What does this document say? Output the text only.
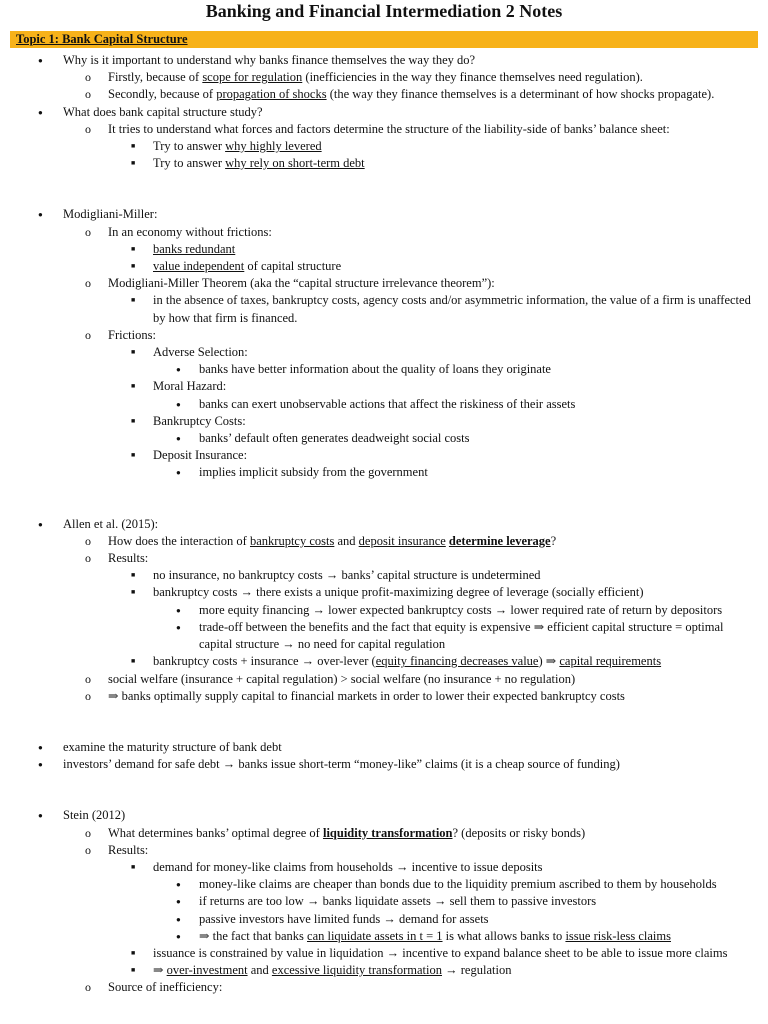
Banking and Financial Intermediation 2 Notes
Topic 1: Bank Capital Structure
● Why is it important to understand why banks finance themselves the way they do?
o Firstly, because of scope for regulation (inefficiencies in the way they finance themselves need regulation).
o Secondly, because of propagation of shocks (the way they finance themselves is a determinant of how shocks propagate).
● What does bank capital structure study?
o It tries to understand what forces and factors determine the structure of the liability-side of banks’ balance sheet:
■ Try to answer why highly levered
■ Try to answer why rely on short-term debt
● Modigliani-Miller:
o In an economy without frictions:
■ banks redundant
■ value independent of capital structure
o Modigliani-Miller Theorem (aka the “capital structure irrelevance theorem”):
■ in the absence of taxes, bankruptcy costs, agency costs and/or asymmetric information, the value of a firm is unaffected by how that firm is financed.
o Frictions:
■ Adverse Selection:
● banks have better information about the quality of loans they originate
■ Moral Hazard:
● banks can exert unobservable actions that affect the riskiness of their assets
■ Bankruptcy Costs:
● banks’ default often generates deadweight social costs
■ Deposit Insurance:
● implies implicit subsidy from the government
● Allen et al. (2015):
o How does the interaction of bankruptcy costs and deposit insurance determine leverage?
o Results:
■ no insurance, no bankruptcy costs → banks’ capital structure is undetermined
■ bankruptcy costs → there exists a unique profit-maximizing degree of leverage (socially efficient)
● more equity financing → lower expected bankruptcy costs → lower required rate of return by depositors
● trade-off between the benefits and the fact that equity is expensive ⇒ efficient capital structure = optimal capital structure → no need for capital regulation
■ bankruptcy costs + insurance → over-lever (equity financing decreases value) ⇒ capital requirements
o social welfare (insurance + capital regulation) > social welfare (no insurance + no regulation)
o ⇒ banks optimally supply capital to financial markets in order to lower their expected bankruptcy costs
● examine the maturity structure of bank debt
● investors’ demand for safe debt → banks issue short-term “money-like” claims (it is a cheap source of funding)
● Stein (2012)
o What determines banks’ optimal degree of liquidity transformation? (deposits or risky bonds)
o Results:
■ demand for money-like claims from households → incentive to issue deposits
● money-like claims are cheaper than bonds due to the liquidity premium ascribed to them by households
● if returns are too low → banks liquidate assets → sell them to passive investors
● passive investors have limited funds → demand for assets
● ⇒ the fact that banks can liquidate assets in t = 1 is what allows banks to issue risk-less claims
■ issuance is constrained by value in liquidation → incentive to expand balance sheet to be able to issue more claims
■ ⇒ over-investment and excessive liquidity transformation → regulation
o Source of inefficiency:
